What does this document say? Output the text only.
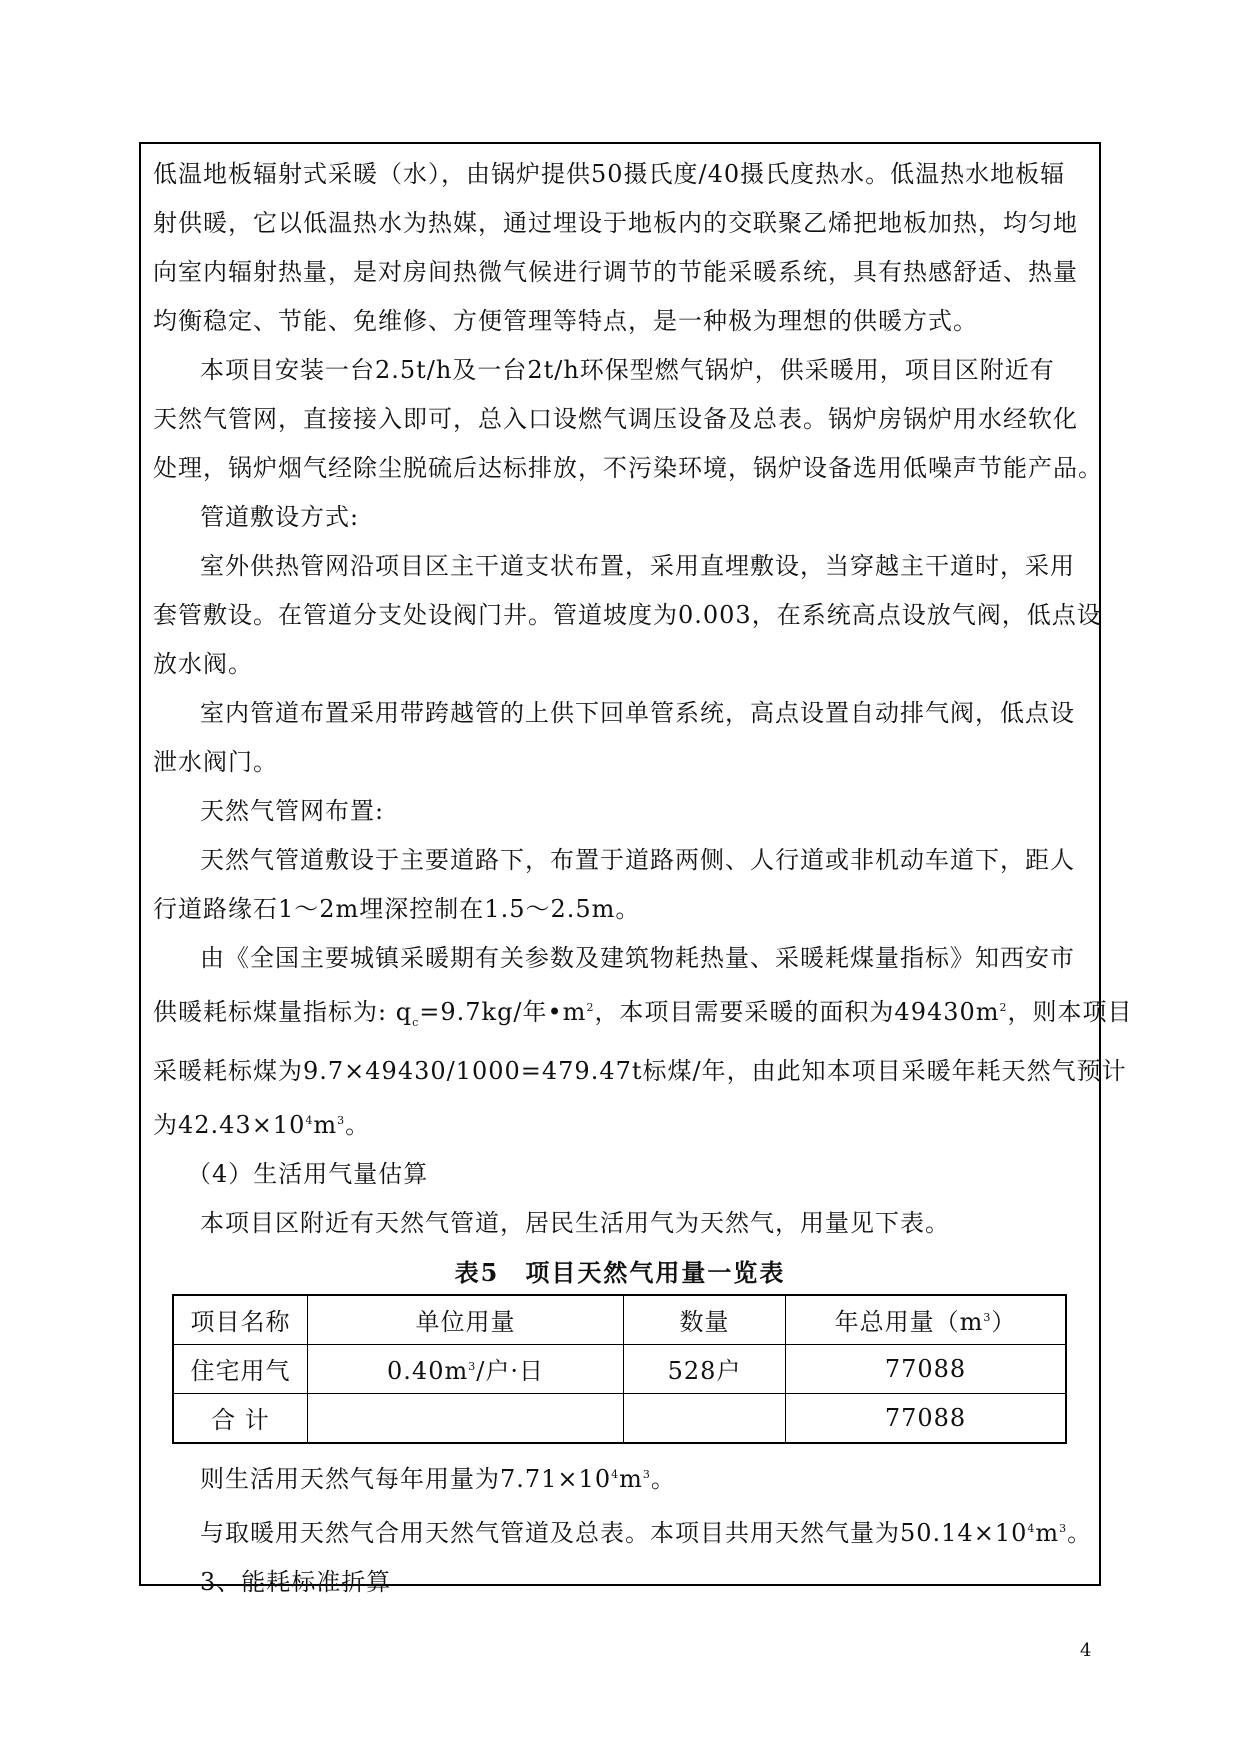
低温地板辐射式采暖（水），由锅炉提供50摄氏度/40摄氏度热水。低温热水地板辐

射供暖，它以低温热水为热媒，通过埋设于地板内的交联聚乙烯把地板加热，均匀地

向室内辐射热量，是对房间热微气候进行调节的节能采暖系统，具有热感舒适、热量

均衡稳定、节能、免维修、方便管理等特点，是一种极为理想的供暖方式。

本项目安装一台2.5t/h及一台2t/h环保型燃气锅炉，供采暖用，项目区附近有

天然气管网，直接接入即可，总入口设燃气调压设备及总表。锅炉房锅炉用水经软化

处理，锅炉烟气经除尘脱硫后达标排放，不污染环境，锅炉设备选用低噪声节能产品。

管道敷设方式:

室外供热管网沿项目区主干道支状布置，采用直埋敷设，当穿越主干道时，采用

套管敷设。在管道分支处设阀门井。管道坡度为0.003，在系统高点设放气阀，低点设

放水阀。

室内管道布置采用带跨越管的上供下回单管系统，高点设置自动排气阀，低点设

泄水阀门。

天然气管网布置:

天然气管道敷设于主要道路下，布置于道路两侧、人行道或非机动车道下，距人

行道路缘石1～2m埋深控制在1.5～2.5m。

由《全国主要城镇采暖期有关参数及建筑物耗热量、采暖耗煤量指标》知西安市

供暖耗标煤量指标为: $q_c=9.7kg/$年$•m^2$，本项目需要采暖的面积为$49430m^2$，则本项目

采暖耗标煤为9.7×49430/1000=479.47t标煤/年，由此知本项目采暖年耗天然气预计

为$42.43\times 10^4m^3$。

（4）生活用气量估算

本项目区附近有天然气管道，居民生活用气为天然气，用量见下表。

表5　项目天然气用量一览表
项目名称	单位用量	数量	年总用量$(m^3)$
住宅用气	$0.40m^3/$户·日	528户	77088
合 计			77088

则生活用天然气每年用量为$7.71\times 10^4m^3$。

与取暖用天然气合用天然气管道及总表。本项目共用天然气量为$50.14\times 10^4m^3$。

3、能耗标准折算

4
